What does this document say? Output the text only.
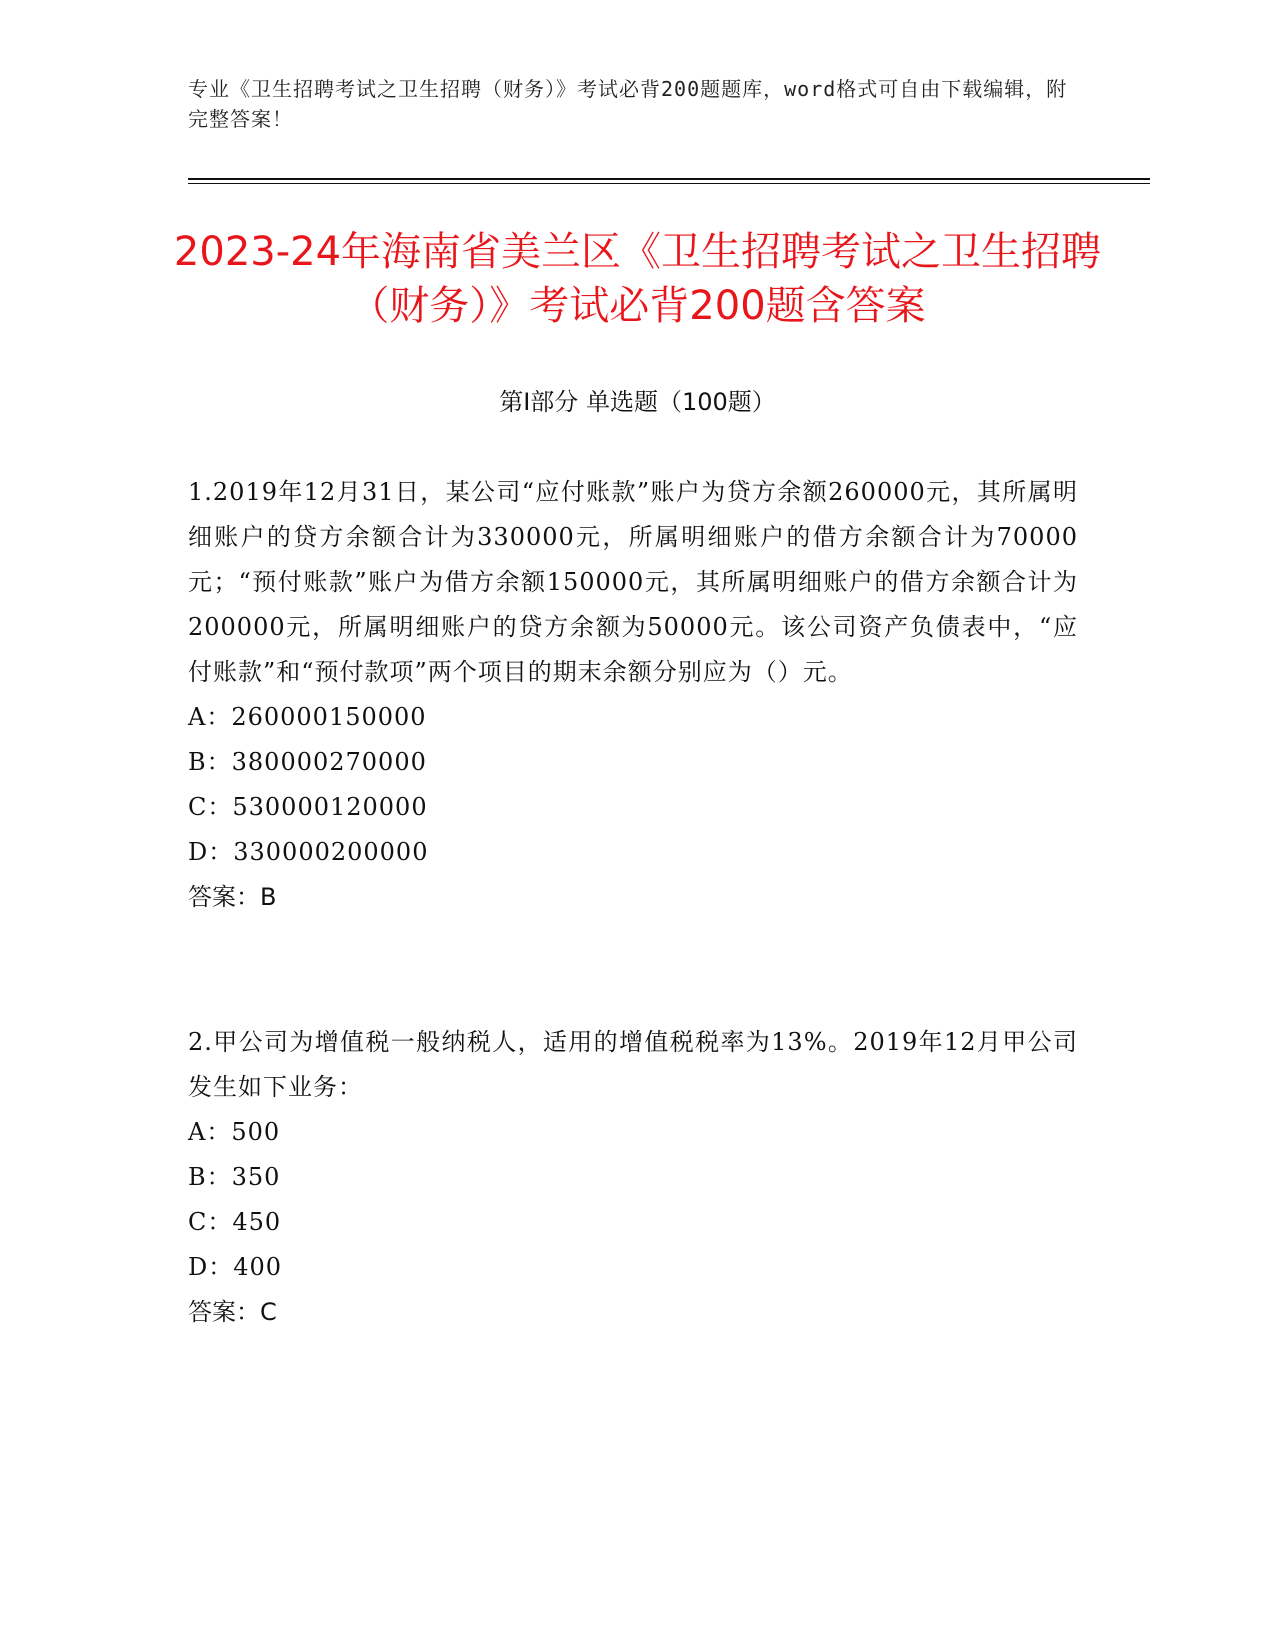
专业《卫生招聘考试之卫生招聘（财务）》考试必背200题题库，word格式可自由下载编辑，附完整答案！
2023-24年海南省美兰区《卫生招聘考试之卫生招聘（财务）》考试必背200题含答案
第Ⅰ部分 单选题（100题）

1.2019年12月31日，某公司“应付账款”账户为贷方余额260000元，其所属明细账户的贷方余额合计为330000元，所属明细账户的借方余额合计为70000元；“预付账款”账户为借方余额150000元，其所属明细账户的借方余额合计为200000元，所属明细账户的贷方余额为50000元。该公司资产负债表中，“应付账款”和“预付款项”两个项目的期末余额分别应为（）元。

A：260000150000

B：380000270000

C：530000120000

D：330000200000

答案：B

2.甲公司为增值税一般纳税人，适用的增值税税率为13%。2019年12月甲公司发生如下业务：

A：500

B：350

C：450

D：400

答案：C
